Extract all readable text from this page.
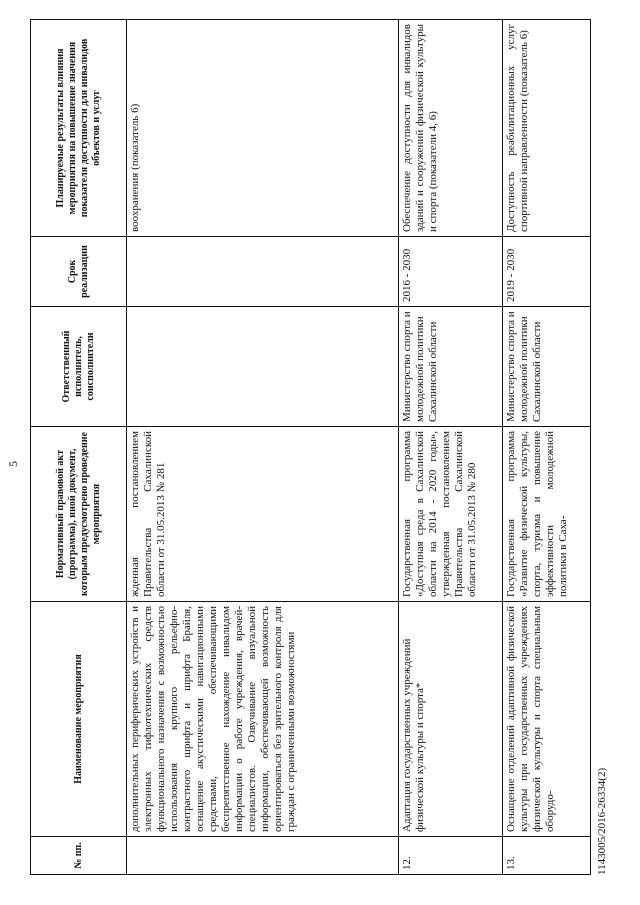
5
№ пп.	Наименование мероприятия	Нормативный правовой акт (программа), иной документ, которым предусмотрено проведение мероприятия	Ответственный исполнитель, соисполнители	Срок реализации	Планируемые результаты влияния мероприятия на повышение значения показателя доступности для инвалидов объектов и услуг
	дополнительных периферических устройств и электронных тифлотехнических средств функционального назначения с возможностью использования крупного рельефно-контрастного шрифта и шрифта Брайля, оснащение акустическими навигационными средствами, обеспечивающими беспрепятственное нахождение инвалидом информации о работе учреждения, врачей-специалистов. Озвучивание визуальной информации, обеспечивающей возможность ориентироваться без зрительного контроля для граждан с ограниченными возможностями	жденная постановлением Правительства Сахалинской области от 31.05.2013 № 281			воохранения (показатель 6)
12.	Адаптация государственных учреждений физической культуры и спорта*	Государственная программа «Доступная среда в Сахалинской области на 2014 - 2020 годы», утвержденная постановлением Правительства Сахалинской области от 31.05.2013 № 280	Министерство спорта и молодежной политики Сахалинской области	2016 - 2030	Обеспечение доступности для инвалидов зданий и сооружений физической культуры и спорта (показатели 4, 6)
13.	Оснащение отделений адаптивной физической культуры при государственных учреждениях физической культуры и спорта специальным оборудо-	Государственная программа «Развитие физической культуры, спорта, туризма и повышение эффективности молодежной политики в Саха-	Министерство спорта и молодежной политики Сахалинской области	2019 - 2030	Доступность реабилитационных услуг спортивной направленности (показатель 6)
1143005/2016-26334(2)
